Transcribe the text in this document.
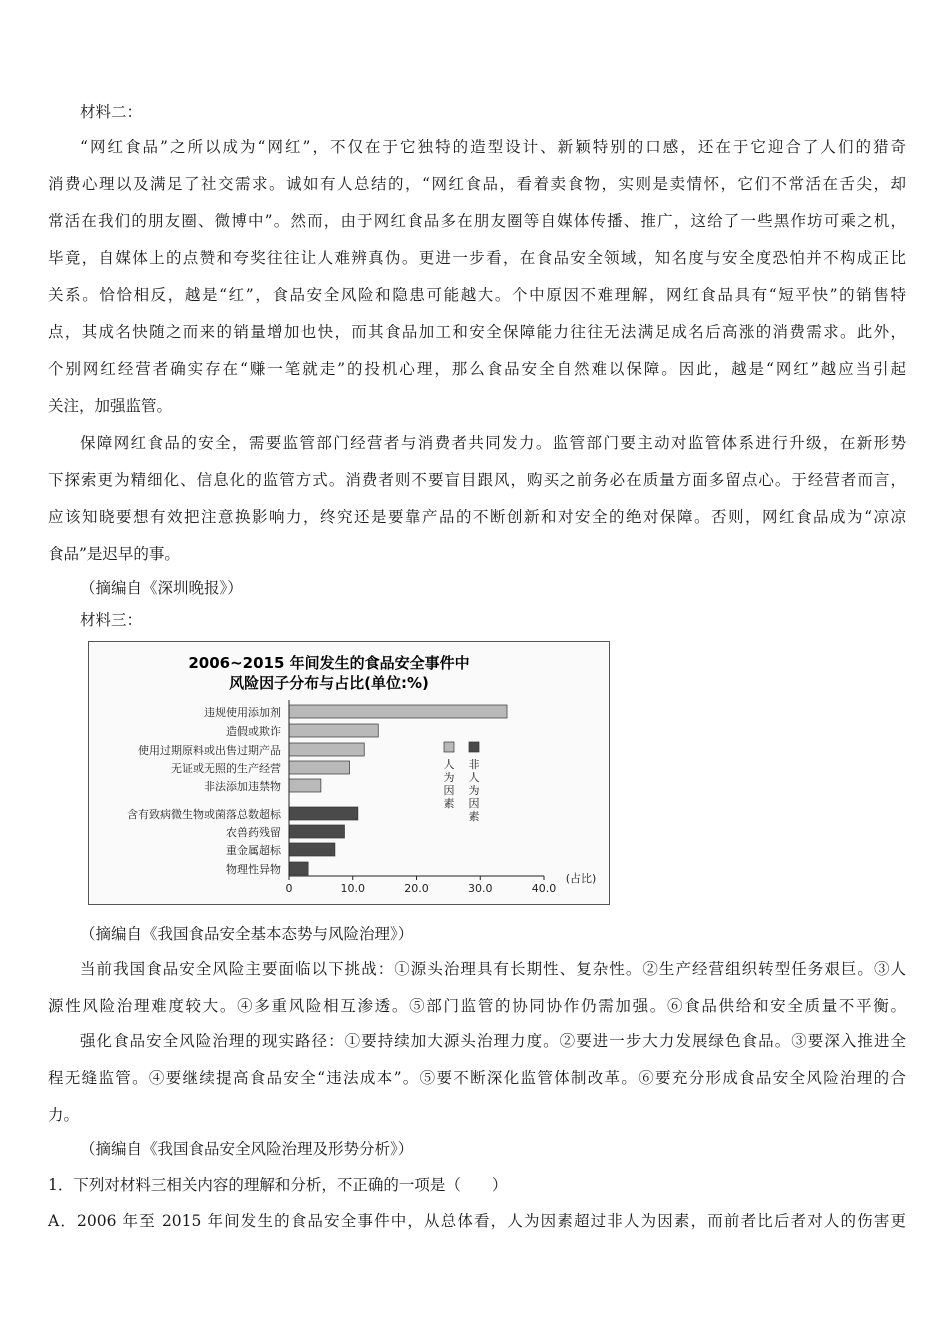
材料二：
“网红食品”之所以成为“网红”，不仅在于它独特的造型设计、新颖特别的口感，还在于它迎合了人们的猎奇
消费心理以及满足了社交需求。诚如有人总结的，“网红食品，看着卖食物，实则是卖情怀，它们不常活在舌尖，却
常活在我们的朋友圈、微博中”。然而，由于网红食品多在朋友圈等自媒体传播、推广，这给了一些黑作坊可乘之机，
毕竟，自媒体上的点赞和夸奖往往让人难辨真伪。更进一步看，在食品安全领域，知名度与安全度恐怕并不构成正比
关系。恰恰相反，越是“红”，食品安全风险和隐患可能越大。个中原因不难理解，网红食品具有“短平快”的销售特
点，其成名快随之而来的销量增加也快，而其食品加工和安全保障能力往往无法满足成名后高涨的消费需求。此外，
个别网红经营者确实存在“赚一笔就走”的投机心理，那么食品安全自然难以保障。因此，越是“网红”越应当引起
关注，加强监管。
保障网红食品的安全，需要监管部门经营者与消费者共同发力。监管部门要主动对监管体系进行升级，在新形势
下探索更为精细化、信息化的监管方式。消费者则不要盲目跟风，购买之前务必在质量方面多留点心。于经营者而言，
应该知晓要想有效把注意换影响力，终究还是要靠产品的不断创新和对安全的绝对保障。否则，网红食品成为“凉凉
食品”是迟早的事。
（摘编自《深圳晚报》）
材料三：
2006~2015 年间发生的食品安全事件中
风险因子分布与占比(单位:%)
违规使用添加剂
造假或欺诈
使用过期原料或出售过期产品
无证或无照的生产经营
非法添加违禁物
含有致病微生物或菌落总数超标
农兽药残留
重金属超标
物理性异物
0	10.0	20.0	30.0	40.0
(占比)
人为因素
非人为因素
（摘编自《我国食品安全基本态势与风险治理》）
当前我国食品安全风险主要面临以下挑战：①源头治理具有长期性、复杂性。②生产经营组织转型任务艰巨。③人
源性风险治理难度较大。④多重风险相互渗透。⑤部门监管的协同协作仍需加强。⑥食品供给和安全质量不平衡。
强化食品安全风险治理的现实路径：①要持续加大源头治理力度。②要进一步大力发展绿色食品。③要深入推进全
程无缝监管。④要继续提高食品安全“违法成本”。⑤要不断深化监管体制改革。⑥要充分形成食品安全风险治理的合
力。
（摘编自《我国食品安全风险治理及形势分析》）
1．下列对材料三相关内容的理解和分析，不正确的一项是（　　）
A．2006 年至 2015 年间发生的食品安全事件中，从总体看，人为因素超过非人为因素，而前者比后者对人的伤害更
